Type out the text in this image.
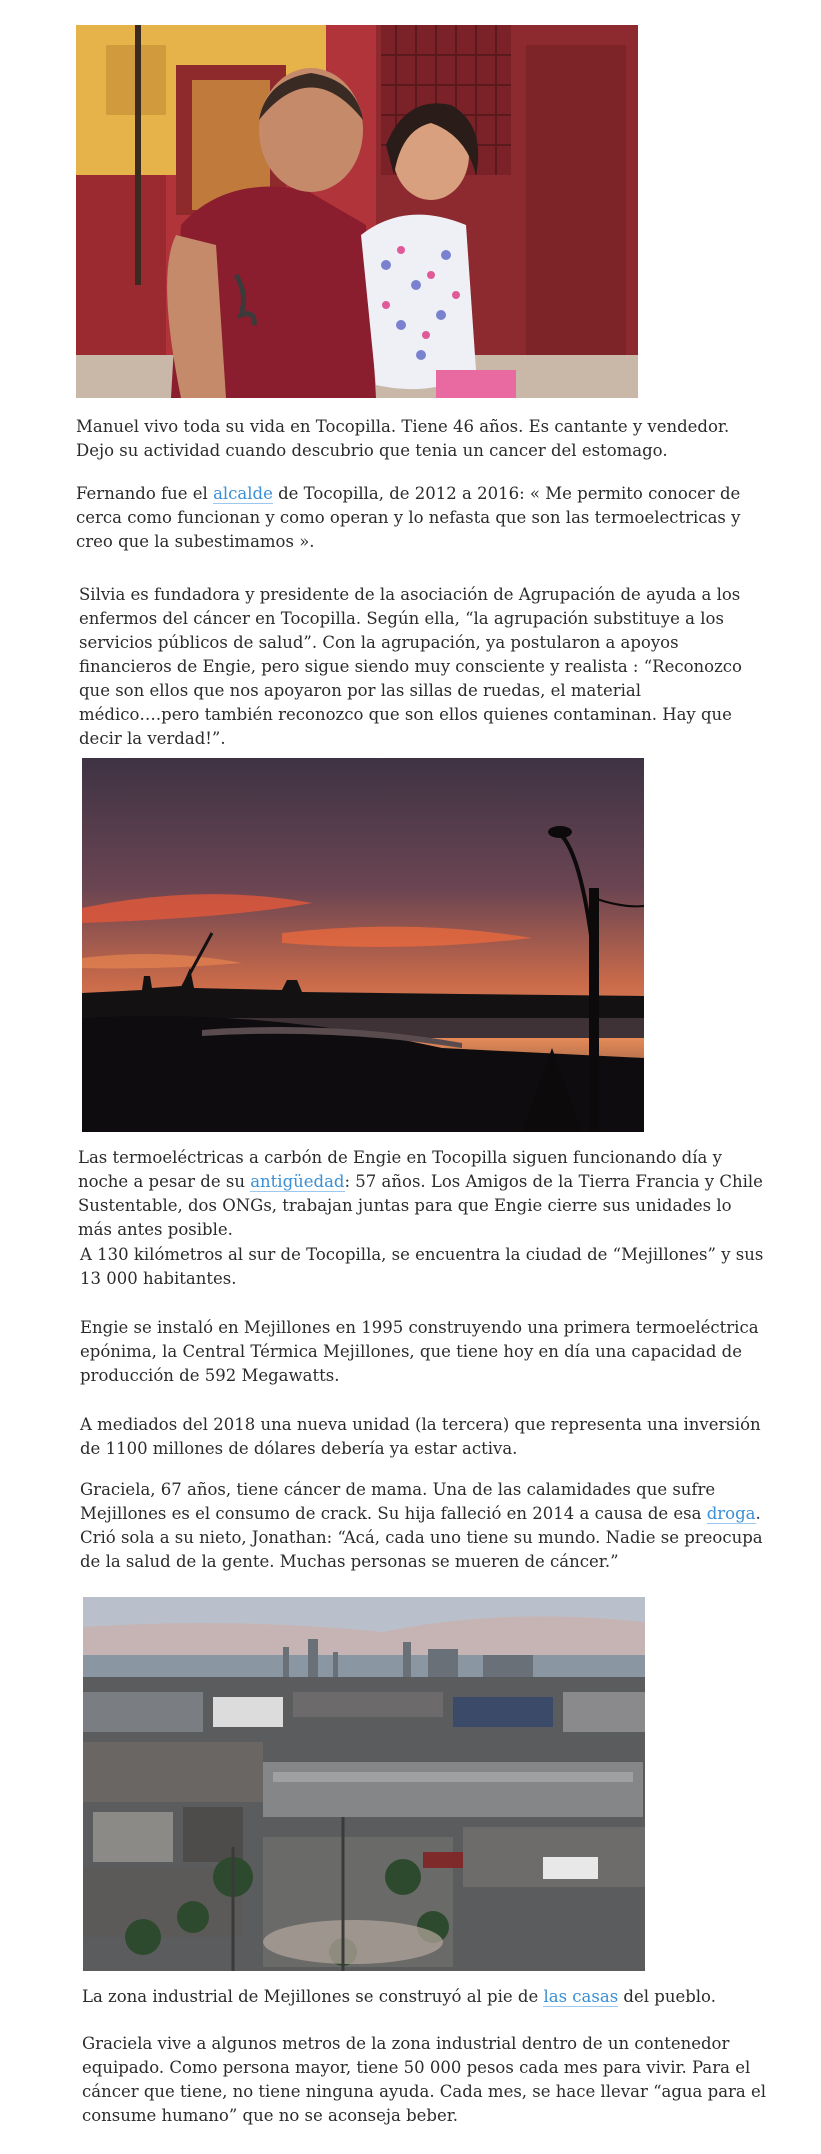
Manuel vivo toda su vida en Tocopilla. Tiene 46 años. Es cantante y vendedor. Dejo su actividad cuando descubrio que tenia un cancer del estomago.

Fernando fue el alcalde de Tocopilla, de 2012 a 2016: « Me permito conocer de cerca como funcionan y como operan y lo nefasta que son las termoelectricas y creo que la subestimamos ».

Silvia es fundadora y presidente de la asociación de Agrupación de ayuda a los enfermos del cáncer en Tocopilla. Según ella, “la agrupación substituye a los servicios públicos de salud”. Con la agrupación, ya postularon a apoyos financieros de Engie, pero sigue siendo muy consciente y realista : “Reconozco que son ellos que nos apoyaron por las sillas de ruedas, el material médico….pero también reconozco que son ellos quienes contaminan. Hay que decir la verdad!”.

Las termoeléctricas a carbón de Engie en Tocopilla siguen funcionando día y noche a pesar de su antigüedad: 57 años. Los Amigos de la Tierra Francia y Chile Sustentable, dos ONGs, trabajan juntas para que Engie cierre sus unidades lo más antes posible.

A 130 kilómetros al sur de Tocopilla, se encuentra la ciudad de “Mejillones” y sus 13 000 habitantes.

Engie se instaló en Mejillones en 1995 construyendo una primera termoeléctrica epónima, la Central Térmica Mejillones, que tiene hoy en día una capacidad de producción de 592 Megawatts.

A mediados del 2018 una nueva unidad (la tercera) que representa una inversión de 1100 millones de dólares debería ya estar activa.

Graciela, 67 años, tiene cáncer de mama. Una de las calamidades que sufre Mejillones es el consumo de crack. Su hija falleció en 2014 a causa de esa droga. Crió sola a su nieto, Jonathan: “Acá, cada uno tiene su mundo. Nadie se preocupa de la salud de la gente. Muchas personas se mueren de cáncer.”

La zona industrial de Mejillones se construyó al pie de las casas del pueblo.

Graciela vive a algunos metros de la zona industrial dentro de un contenedor equipado. Como persona mayor, tiene 50 000 pesos cada mes para vivir. Para el cáncer que tiene, no tiene ninguna ayuda. Cada mes, se hace llevar “agua para el consume humano” que no se aconseja beber.
